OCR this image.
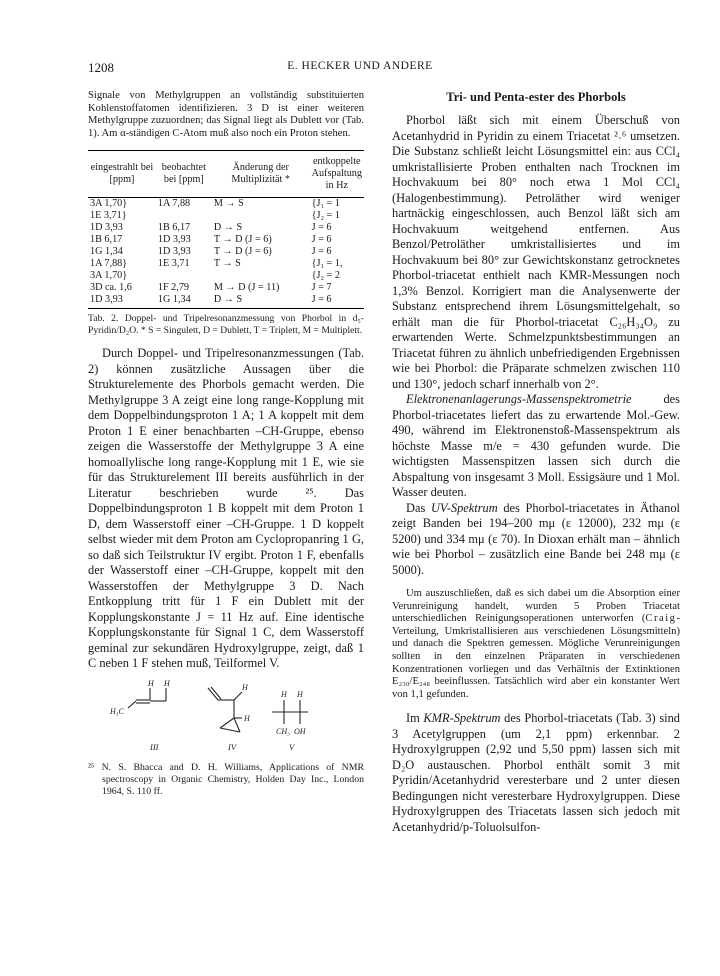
1208	E. HECKER UND ANDERE

Signale von Methylgruppen an vollständig substituierten Kohlenstoffatomen identifizieren. 3 D ist einer weiteren Methylgruppe zuzuordnen; das Signal liegt als Dublett vor (Tab. 1). Am α-ständigen C-Atom muß also noch ein Proton stehen.

eingestrahlt bei [ppm]	beobachtet bei [ppm]	Änderung der Multiplizität *	entkoppelte Aufspaltung in Hz
3A 1,70}	1A 7,88	M → S	{J₁ = 1
1E 3,71}			{J₂ = 1
1D 3,93	1B 6,17	D → S	J = 6
1B 6,17	1D 3,93	T → D (J = 6)	J = 6
1G 1,34	1D 3,93	T → D (J = 6)	J = 6
1A 7,88}	1E 3,71	T → S	{J₁ = 1,
3A 1,70}			{J₂ = 2
3D ca. 1,6	1F 2,79	M → D (J = 11)	J = 7
1D 3,93	1G 1,34	D → S	J = 6

Tab. 2. Doppel- und Tripelresonanzmessung von Phorbol in d₅-Pyridin/D₂O. * S = Singulett, D = Dublett, T = Triplett, M = Multiplett.

Durch Doppel- und Tripelresonanzmessungen (Tab. 2) können zusätzliche Aussagen über die Strukturelemente des Phorbols gemacht werden. Die Methylgruppe 3 A zeigt eine long range-Kopplung mit dem Doppelbindungsproton 1 A; 1 A koppelt mit dem Proton 1 E einer benachbarten –CH-Gruppe, ebenso zeigen die Wasserstoffe der Methylgruppe 3 A eine homoallylische long range-Kopplung mit 1 E, wie sie für das Strukturelement III bereits ausführlich in der Literatur beschrieben wurde ²⁵. Das Doppelbindungsproton 1 B koppelt mit dem Proton 1 D, dem Wasserstoff einer –CH-Gruppe. 1 D koppelt selbst wieder mit dem Proton am Cyclopropanring 1 G, so daß sich Teilstruktur IV ergibt. Proton 1 F, ebenfalls der Wasserstoff einer –CH-Gruppe, koppelt mit den Wasserstoffen der Methylgruppe 3 D. Nach Entkopplung tritt für 1 F ein Dublett mit der Kopplungskonstante J = 11 Hz auf. Eine identische Kopplungskonstante für Signal 1 C, dem Wasserstoff geminal zur sekundären Hydroxylgruppe, zeigt, daß 1 C neben 1 F stehen muß, Teilformel V.

H H
H₃C
H
H
H H
CH₃ OH
III	IV	V

²⁵ N. S. Bhacca and D. H. Williams, Applications of NMR spectroscopy in Organic Chemistry, Holden Day Inc., London 1964, S. 110 ff.

Tri- und Penta-ester des Phorbols

Phorbol läßt sich mit einem Überschuß von Acetanhydrid in Pyridin zu einem Triacetat ²˒⁶ umsetzen. Die Substanz schließt leicht Lösungsmittel ein: aus CCl₄ umkristallisierte Proben enthalten nach Trocknen im Hochvakuum bei 80° noch etwa 1 Mol CCl₄ (Halogenbestimmung). Petroläther wird weniger hartnäckig eingeschlossen, auch Benzol läßt sich am Hochvakuum weitgehend entfernen. Aus Benzol/Petroläther umkristallisiertes und im Hochvakuum bei 80° zur Gewichtskonstanz getrocknetes Phorbol-triacetat enthielt nach KMR-Messungen noch 1,3% Benzol. Korrigiert man die Analysenwerte der Substanz entsprechend ihrem Lösungsmittelgehalt, so erhält man die für Phorbol-triacetat C₂₆H₃₄O₉ zu erwartenden Werte. Schmelzpunktsbestimmungen an Triacetat führen zu ähnlich unbefriedigenden Ergebnissen wie bei Phorbol: die Präparate schmelzen zwischen 110 und 130°, jedoch scharf innerhalb von 2°.

Elektronenanlagerungs-Massenspektrometrie des Phorbol-triacetates liefert das zu erwartende Mol.-Gew. 490, während im Elektronenstoß-Massenspektrum als höchste Masse m/e = 430 gefunden wurde. Die wichtigsten Massenspitzen lassen sich durch die Abspaltung von insgesamt 3 Moll. Essigsäure und 1 Mol. Wasser deuten.

Das UV-Spektrum des Phorbol-triacetates in Äthanol zeigt Banden bei 194–200 mμ (ε 12000), 232 mμ (ε 5200) und 334 mμ (ε 70). In Dioxan erhält man – ähnlich wie bei Phorbol – zusätzlich eine Bande bei 248 mμ (ε 5000).

Um auszuschließen, daß es sich dabei um die Absorption einer Verunreinigung handelt, wurden 5 Proben Triacetat unterschiedlichen Reinigungsoperationen unterworfen (Craig-Verteilung, Umkristallisieren aus verschiedenen Lösungsmitteln) und danach die Spektren gemessen. Mögliche Verunreinigungen sollten in den einzelnen Präparaten in verschiedenen Konzentrationen vorliegen und das Verhältnis der Extinktionen E₂₃₀/E₂₄₈ beeinflussen. Tatsächlich wird aber ein konstanter Wert von 1,1 gefunden.

Im KMR-Spektrum des Phorbol-triacetats (Tab. 3) sind 3 Acetylgruppen (um 2,1 ppm) erkennbar. 2 Hydroxylgruppen (2,92 und 5,50 ppm) lassen sich mit D₂O austauschen. Phorbol enthält somit 3 mit Pyridin/Acetanhydrid veresterbare und 2 unter diesen Bedingungen nicht veresterbare Hydroxylgruppen. Diese Hydroxylgruppen des Triacetats lassen sich jedoch mit Acetanhydrid/p-Toluolsulfon-
